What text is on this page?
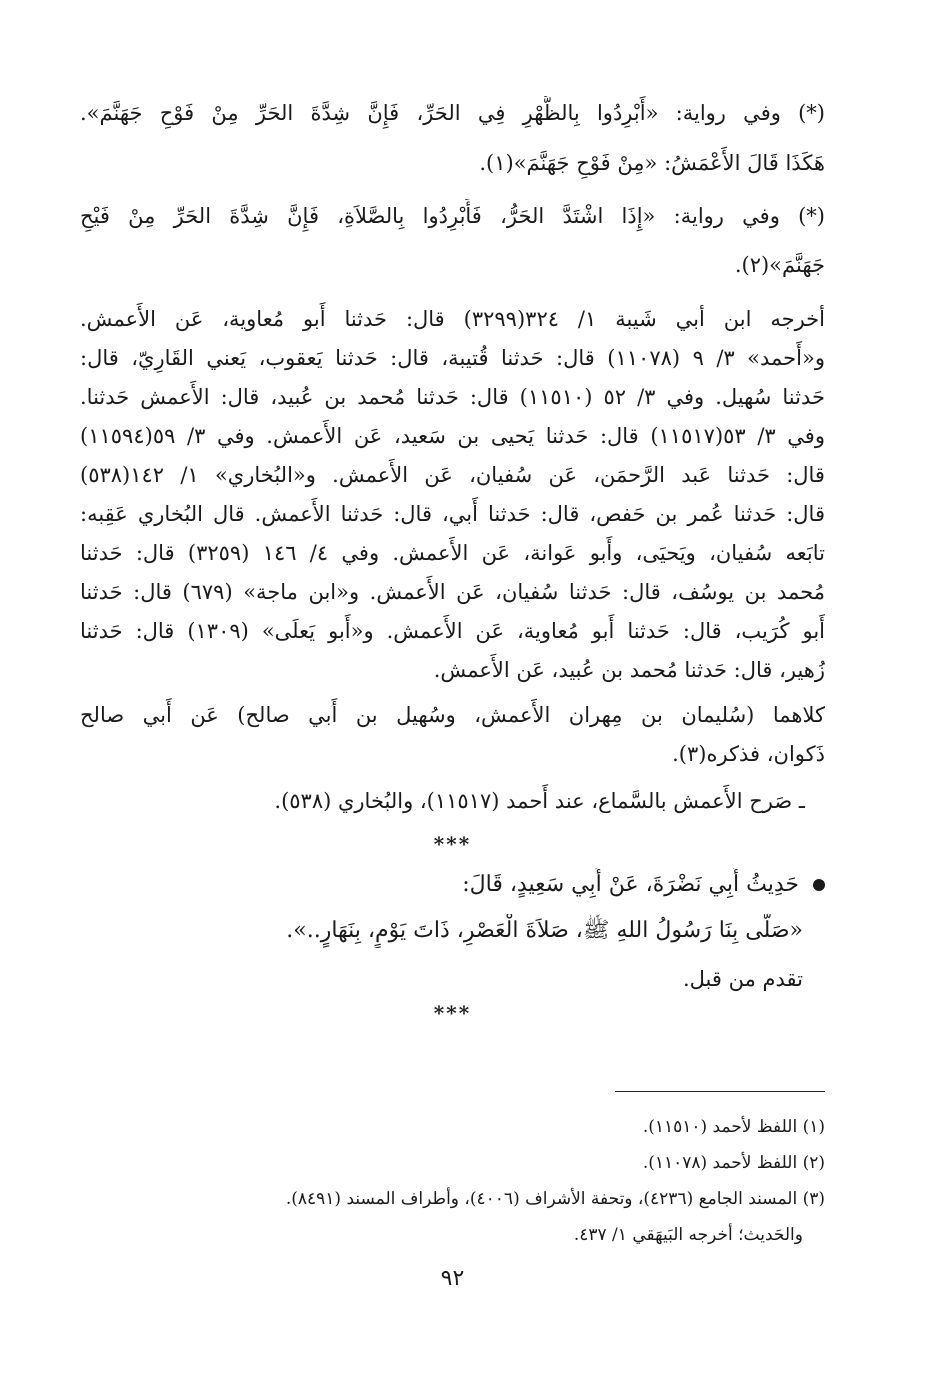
(*) وفي رواية: «أَبْرِدُوا بِالظُّهْرِ فِي الحَرِّ، فَإِنَّ شِدَّةَ الحَرِّ مِنْ فَوْحِ جَهَنَّمَ».
هَكَذَا قَالَ الأَعْمَشُ: «مِنْ فَوْحِ جَهَنَّمَ»(١).
(*) وفي رواية: «إِذَا اشْتَدَّ الحَرُّ، فَأَبْرِدُوا بِالصَّلاَةِ، فَإِنَّ شِدَّةَ الحَرِّ مِنْ فَيْحِ
جَهَنَّمَ»(٢).
أخرجه ابن أبي شَيبة ١/ ٣٢٤(٣٢٩٩) قال: حَدثنا أَبو مُعاوية، عَن الأَعمش.
و«أَحمد» ٣/ ٩ (١١٠٧٨) قال: حَدثنا قُتيبة، قال: حَدثنا يَعقوب، يَعني القَارِيّ، قال:
حَدثنا سُهيل. وفي ٣/ ٥٢ (١١٥١٠) قال: حَدثنا مُحمد بن عُبيد، قال: الأَعمش حَدثنا.
وفي ٣/ ٥٣(١١٥١٧) قال: حَدثنا يَحيى بن سَعيد، عَن الأَعمش. وفي ٣/ ٥٩(١١٥٩٤)
قال: حَدثنا عَبد الرَّحمَن، عَن سُفيان، عَن الأَعمش. و«البُخاري» ١/ ١٤٢(٥٣٨)
قال: حَدثنا عُمر بن حَفص، قال: حَدثنا أَبي، قال: حَدثنا الأَعمش. قال البُخاري عَقِبه:
تابَعه سُفيان، ويَحيَى، وأَبو عَوانة، عَن الأَعمش. وفي ٤/ ١٤٦ (٣٢٥٩) قال: حَدثنا
مُحمد بن يوسُف، قال: حَدثنا سُفيان، عَن الأَعمش. و«ابن ماجة» (٦٧٩) قال: حَدثنا
أَبو كُرَيب، قال: حَدثنا أَبو مُعاوية، عَن الأَعمش. و«أَبو يَعلَى» (١٣٠٩) قال: حَدثنا
زُهير، قال: حَدثنا مُحمد بن عُبيد، عَن الأَعمش.
كلاهما (سُليمان بن مِهران الأَعمش، وسُهيل بن أَبي صالح) عَن أَبي صالح
ذَكوان، فذكره(٣).
ـ صَرح الأَعمش بالسَّماع، عند أَحمد (١١٥١٧)، والبُخاري (٥٣٨).
***
حَدِيثُ أَبِي نَضْرَةَ، عَنْ أَبِي سَعِيدٍ، قَالَ:
«صَلَّى بِنَا رَسُولُ اللهِ ﷺ، صَلاَةَ الْعَصْرِ، ذَاتَ يَوْمٍ، بِنَهَارٍ..».
تقدم من قبل.
***
(١) اللفظ لأحمد (١١٥١٠).
(٢) اللفظ لأحمد (١١٠٧٨).
(٣) المسند الجامع (٤٢٣٦)، وتحفة الأشراف (٤٠٠٦)، وأطراف المسند (٨٤٩١).
والحَديث؛ أخرجه البَيهَقي ١/ ٤٣٧.
٩٢
